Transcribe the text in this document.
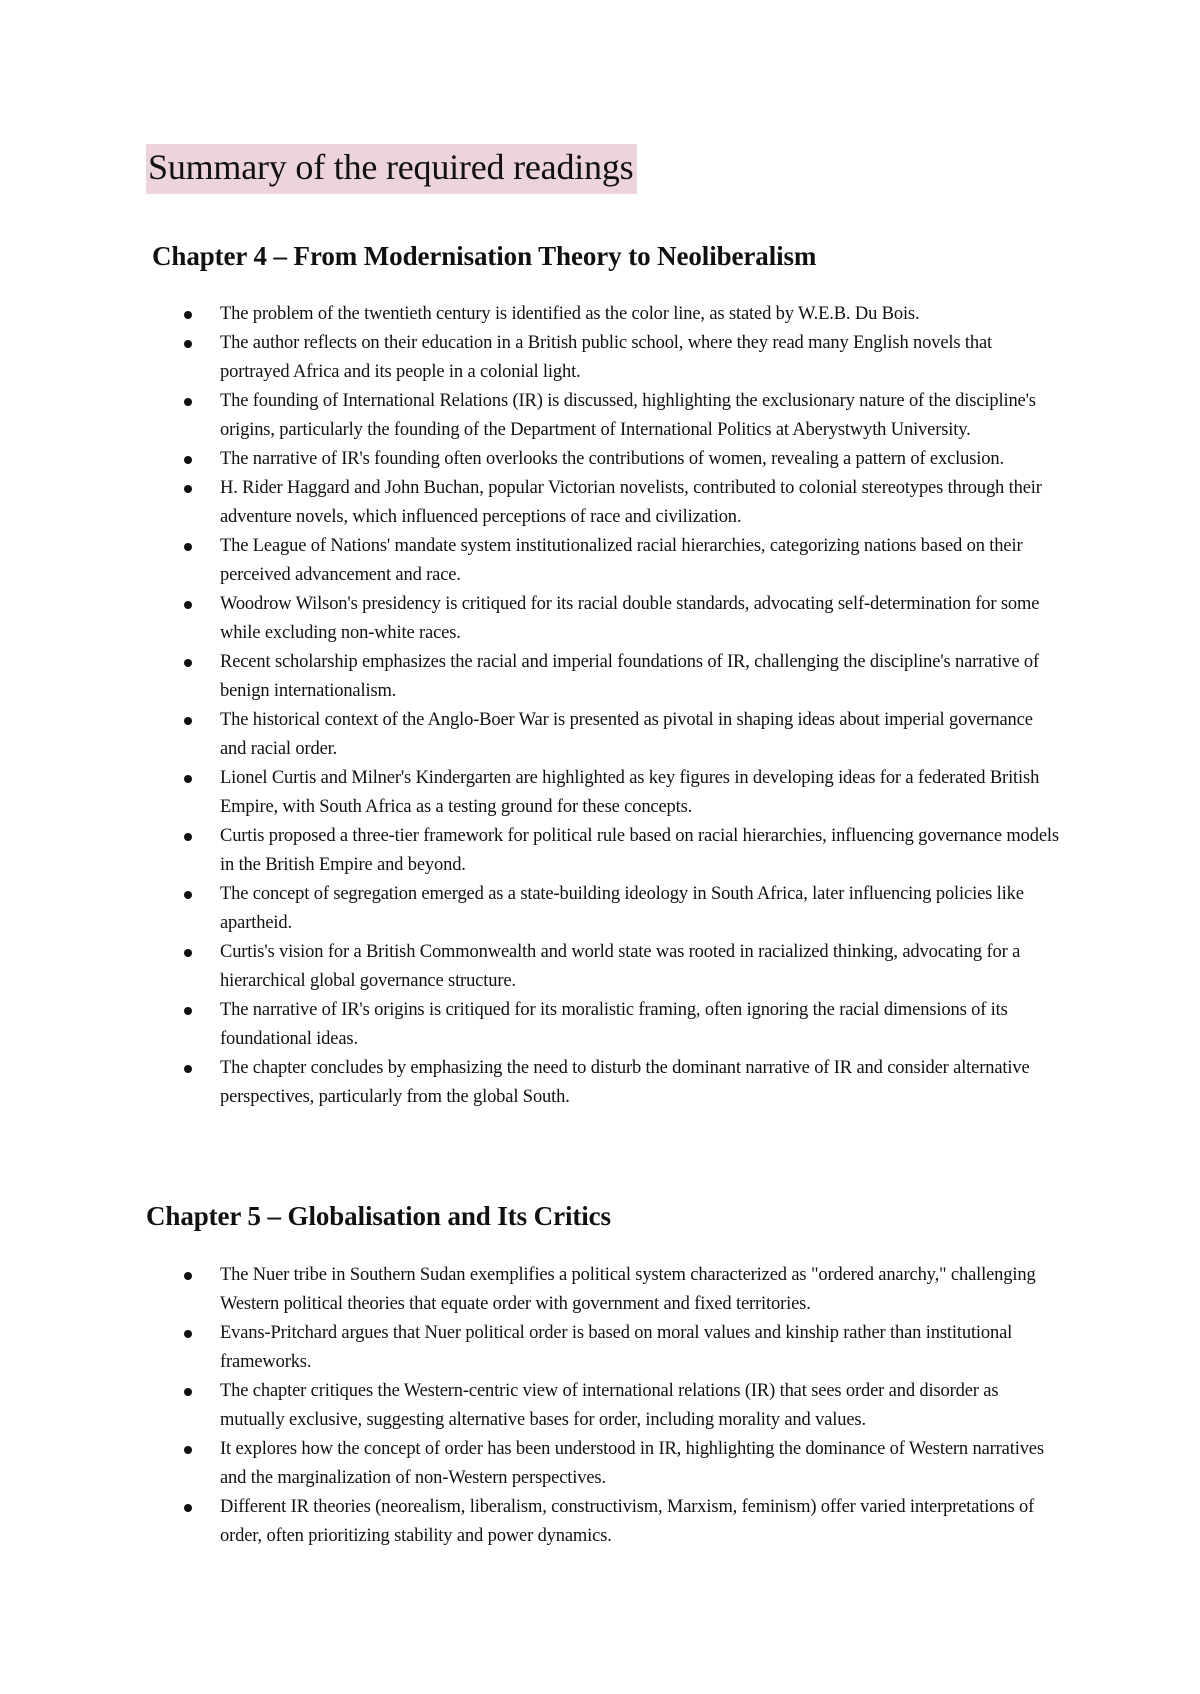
Summary of the required readings
Chapter 4 – From Modernisation Theory to Neoliberalism
The problem of the twentieth century is identified as the color line, as stated by W.E.B. Du Bois.
The author reflects on their education in a British public school, where they read many English novels that portrayed Africa and its people in a colonial light.
The founding of International Relations (IR) is discussed, highlighting the exclusionary nature of the discipline's origins, particularly the founding of the Department of International Politics at Aberystwyth University.
The narrative of IR's founding often overlooks the contributions of women, revealing a pattern of exclusion.
H. Rider Haggard and John Buchan, popular Victorian novelists, contributed to colonial stereotypes through their adventure novels, which influenced perceptions of race and civilization.
The League of Nations' mandate system institutionalized racial hierarchies, categorizing nations based on their perceived advancement and race.
Woodrow Wilson's presidency is critiqued for its racial double standards, advocating self-determination for some while excluding non-white races.
Recent scholarship emphasizes the racial and imperial foundations of IR, challenging the discipline's narrative of benign internationalism.
The historical context of the Anglo-Boer War is presented as pivotal in shaping ideas about imperial governance and racial order.
Lionel Curtis and Milner's Kindergarten are highlighted as key figures in developing ideas for a federated British Empire, with South Africa as a testing ground for these concepts.
Curtis proposed a three-tier framework for political rule based on racial hierarchies, influencing governance models in the British Empire and beyond.
The concept of segregation emerged as a state-building ideology in South Africa, later influencing policies like apartheid.
Curtis's vision for a British Commonwealth and world state was rooted in racialized thinking, advocating for a hierarchical global governance structure.
The narrative of IR's origins is critiqued for its moralistic framing, often ignoring the racial dimensions of its foundational ideas.
The chapter concludes by emphasizing the need to disturb the dominant narrative of IR and consider alternative perspectives, particularly from the global South.
Chapter 5 – Globalisation and Its Critics
The Nuer tribe in Southern Sudan exemplifies a political system characterized as "ordered anarchy," challenging Western political theories that equate order with government and fixed territories.
Evans-Pritchard argues that Nuer political order is based on moral values and kinship rather than institutional frameworks.
The chapter critiques the Western-centric view of international relations (IR) that sees order and disorder as mutually exclusive, suggesting alternative bases for order, including morality and values.
It explores how the concept of order has been understood in IR, highlighting the dominance of Western narratives and the marginalization of non-Western perspectives.
Different IR theories (neorealism, liberalism, constructivism, Marxism, feminism) offer varied interpretations of order, often prioritizing stability and power dynamics.
